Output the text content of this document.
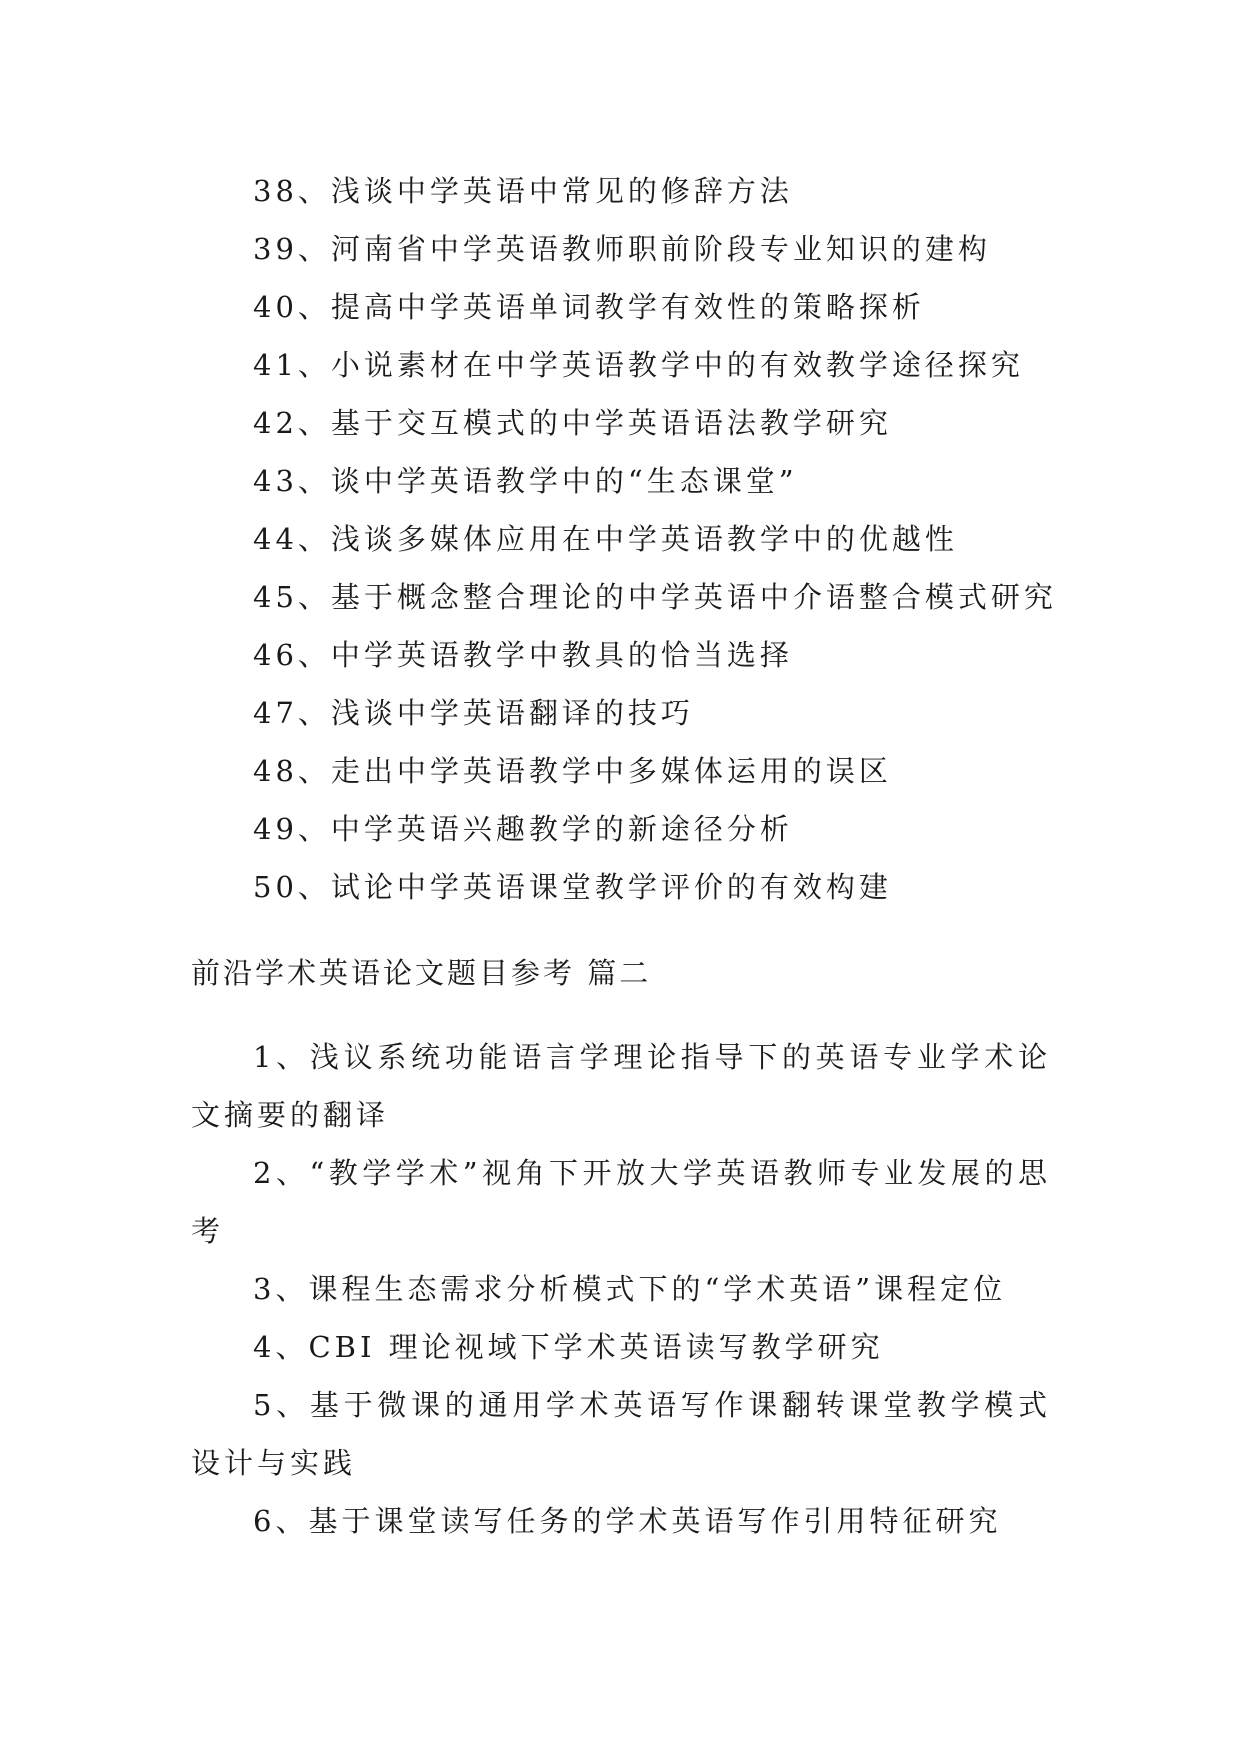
38、浅谈中学英语中常见的修辞方法
39、河南省中学英语教师职前阶段专业知识的建构
40、提高中学英语单词教学有效性的策略探析
41、小说素材在中学英语教学中的有效教学途径探究
42、基于交互模式的中学英语语法教学研究
43、谈中学英语教学中的“生态课堂”
44、浅谈多媒体应用在中学英语教学中的优越性
45、基于概念整合理论的中学英语中介语整合模式研究
46、中学英语教学中教具的恰当选择
47、浅谈中学英语翻译的技巧
48、走出中学英语教学中多媒体运用的误区
49、中学英语兴趣教学的新途径分析
50、试论中学英语课堂教学评价的有效构建
前沿学术英语论文题目参考 篇二
1、浅议系统功能语言学理论指导下的英语专业学术论文摘要的翻译
2、“教学学术”视角下开放大学英语教师专业发展的思考
3、课程生态需求分析模式下的“学术英语”课程定位
4、CBI 理论视域下学术英语读写教学研究
5、基于微课的通用学术英语写作课翻转课堂教学模式设计与实践
6、基于课堂读写任务的学术英语写作引用特征研究
